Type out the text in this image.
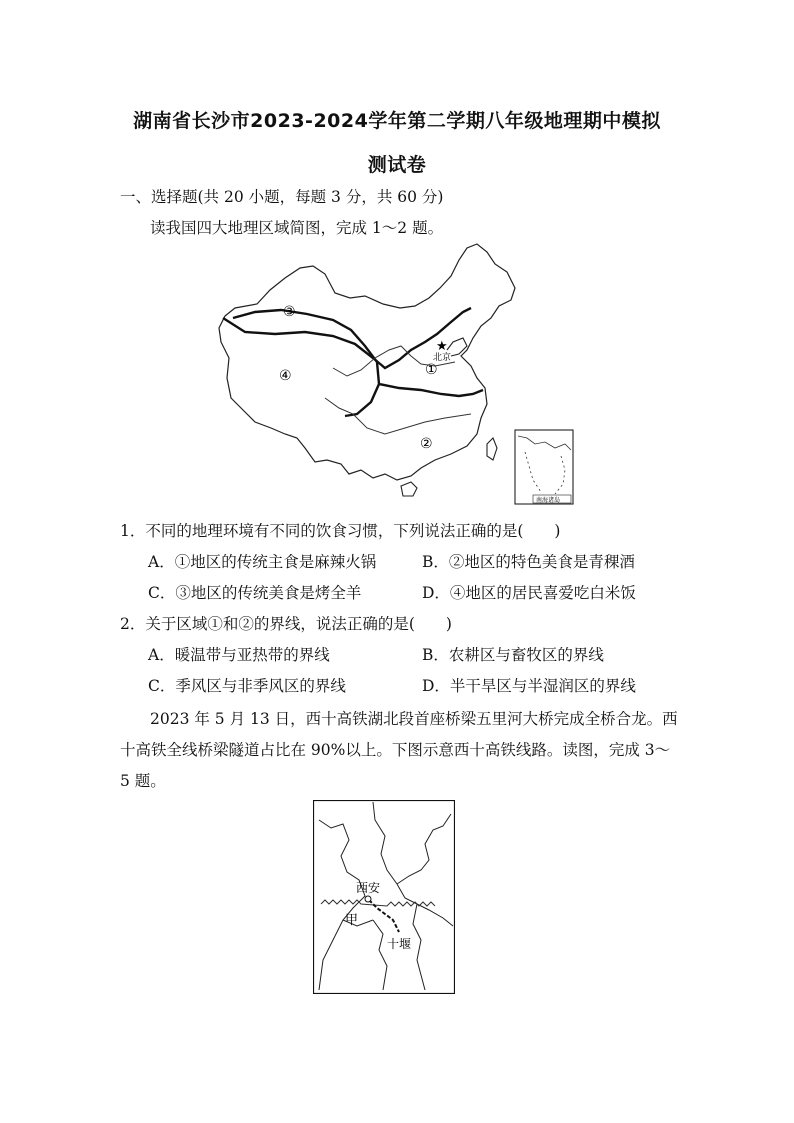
湖南省长沙市2023-2024学年第二学期八年级地理期中模拟
测试卷
一、选择题(共 20 小题，每题 3 分，共 60 分)
读我国四大地理区域简图，完成 1～2 题。
★
北京
①
②
③
④
南海诸岛
1．不同的地理环境有不同的饮食习惯，下列说法正确的是(　　)
A．①地区的传统主食是麻辣火锅	B．②地区的特色美食是青稞酒
C．③地区的传统美食是烤全羊	D．④地区的居民喜爱吃白米饭
2．关于区域①和②的界线，说法正确的是(　　)
A．暖温带与亚热带的界线	B．农耕区与畜牧区的界线
C．季风区与非季风区的界线	D．半干旱区与半湿润区的界线
2023 年 5 月 13 日，西十高铁湖北段首座桥梁五里河大桥完成全桥合龙。西
十高铁全线桥梁隧道占比在 90%以上。下图示意西十高铁线路。读图，完成 3～
5 题。
西安
甲
十堰
